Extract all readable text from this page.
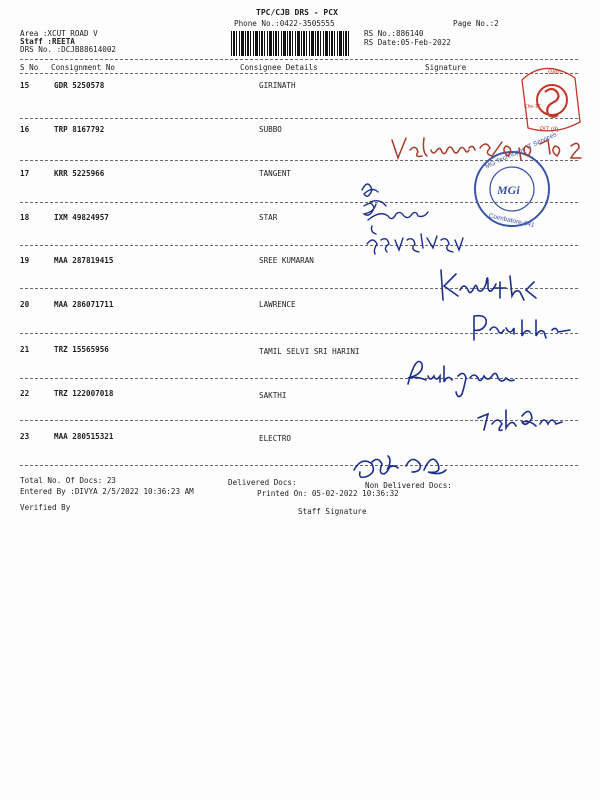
TPC/CJB DRS - PCX
Phone No.:0422-3505555	Page No.:2
Area :XCUT ROAD V
Staff :REETA
DRS No. :DCJB88614002
RS No.:886140
RS Date:05-Feb-2022
S No Consignment No	Consignee Details	Signature
15	GDR 5250578	GIRINATH
16	TRP 8167792	SUBBO
17	KRR 5225966	TANGENT
18	IXM 49824957	STAR
19	MAA 287819415	SREE KUMARAN
20	MAA 286071711	LAWRENCE
21	TRZ 15565956	TAMIL SELVI SRI HARINI
22	TRZ 122007018	SAKTHI
23	MAA 280515321	ELECTRO
Total No. Of Docs: 23	Delivered Docs:	Non Delivered Docs:
Entered By :DIVYA 2/5/2022 10:36:23 AM	Printed On: 05-02-2022 10:36:32
Verified By	Staff Signature
Girin
PIT (d)
Che-12
MGi
MG Technopos IT Services
Coimbatore-641
